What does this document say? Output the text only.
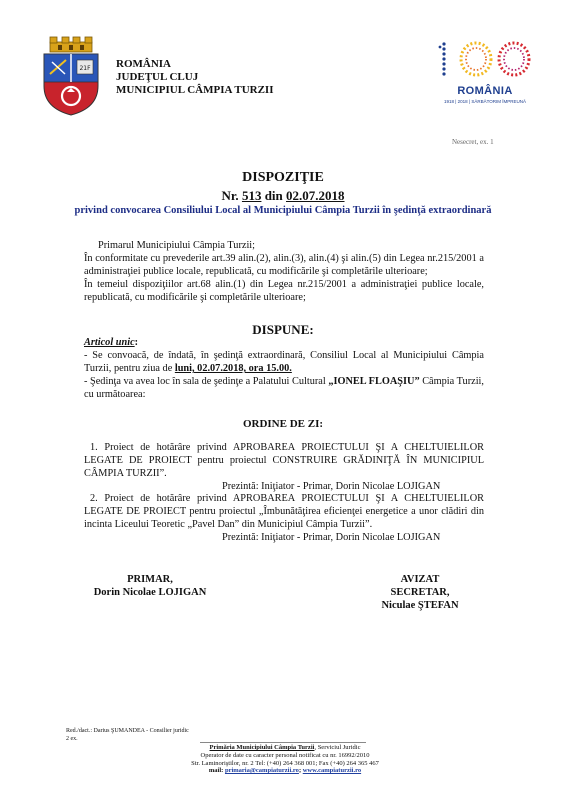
21F ROMÂNIA
JUDEŢUL CLUJ
MUNICIPIUL CÂMPIA TURZII	ROMÂNIA
1918 | 2018 | SĂRBĂTORIM ÎMPREUNĂ
Nesecret, ex. 1
DISPOZIŢIE
Nr. 513 din 02.07.2018
privind convocarea Consiliului Local al Municipiului Câmpia Turzii în şedinţă extraordinară
Primarul Municipiului Câmpia Turzii;
În conformitate cu prevederile art.39 alin.(2), alin.(3), alin.(4) şi alin.(5) din Legea nr.215/2001 a administraţiei publice locale, republicată, cu modificările şi completările ulterioare;
În temeiul dispoziţiilor art.68 alin.(1) din Legea nr.215/2001 a administraţiei publice locale, republicată, cu modificările şi completările ulterioare;
DISPUNE:
Articol unic:
- Se convoacă, de îndată, în şedinţă extraordinară, Consiliul Local al Municipiului Câmpia Turzii, pentru ziua de luni, 02.07.2018, ora 15.00.
- Şedinţa va avea loc în sala de şedinţe a Palatului Cultural „IONEL FLOAŞIU” Câmpia Turzii, cu următoarea:
ORDINE DE ZI:
1. Proiect de hotărâre privind APROBAREA PROIECTULUI ŞI A CHELTUIELILOR LEGATE DE PROIECT pentru proiectul CONSTRUIRE GRĂDINIŢĂ ÎN MUNICIPIUL CÂMPIA TURZII”.
Prezintă: Iniţiator - Primar, Dorin Nicolae LOJIGAN
2. Proiect de hotărâre privind APROBAREA PROIECTULUI ŞI A CHELTUIELILOR LEGATE DE PROIECT pentru proiectul „Îmbunătăţirea eficienţei energetice a unor clădiri din incinta Liceului Teoretic „Pavel Dan” din Municipiul Câmpia Turzii”.
Prezintă: Iniţiator - Primar, Dorin Nicolae LOJIGAN
PRIMAR,
Dorin Nicolae LOJIGAN
AVIZAT
SECRETAR,
Niculae ŞTEFAN
Red./dact.: Darius ŞUMANDEA - Consilier juridic
2 ex.
Primăria Municipiului Câmpia Turzii, Serviciul Juridic
Operator de date cu caracter personal notificat cu nr. 16992/2010
Str. Laminoriştilor, nr. 2 Tel: (+40) 264 368 001; Fax (+40) 264 365 467
mail: primaria@campiaturzii.ro; www.campiaturzii.ro
